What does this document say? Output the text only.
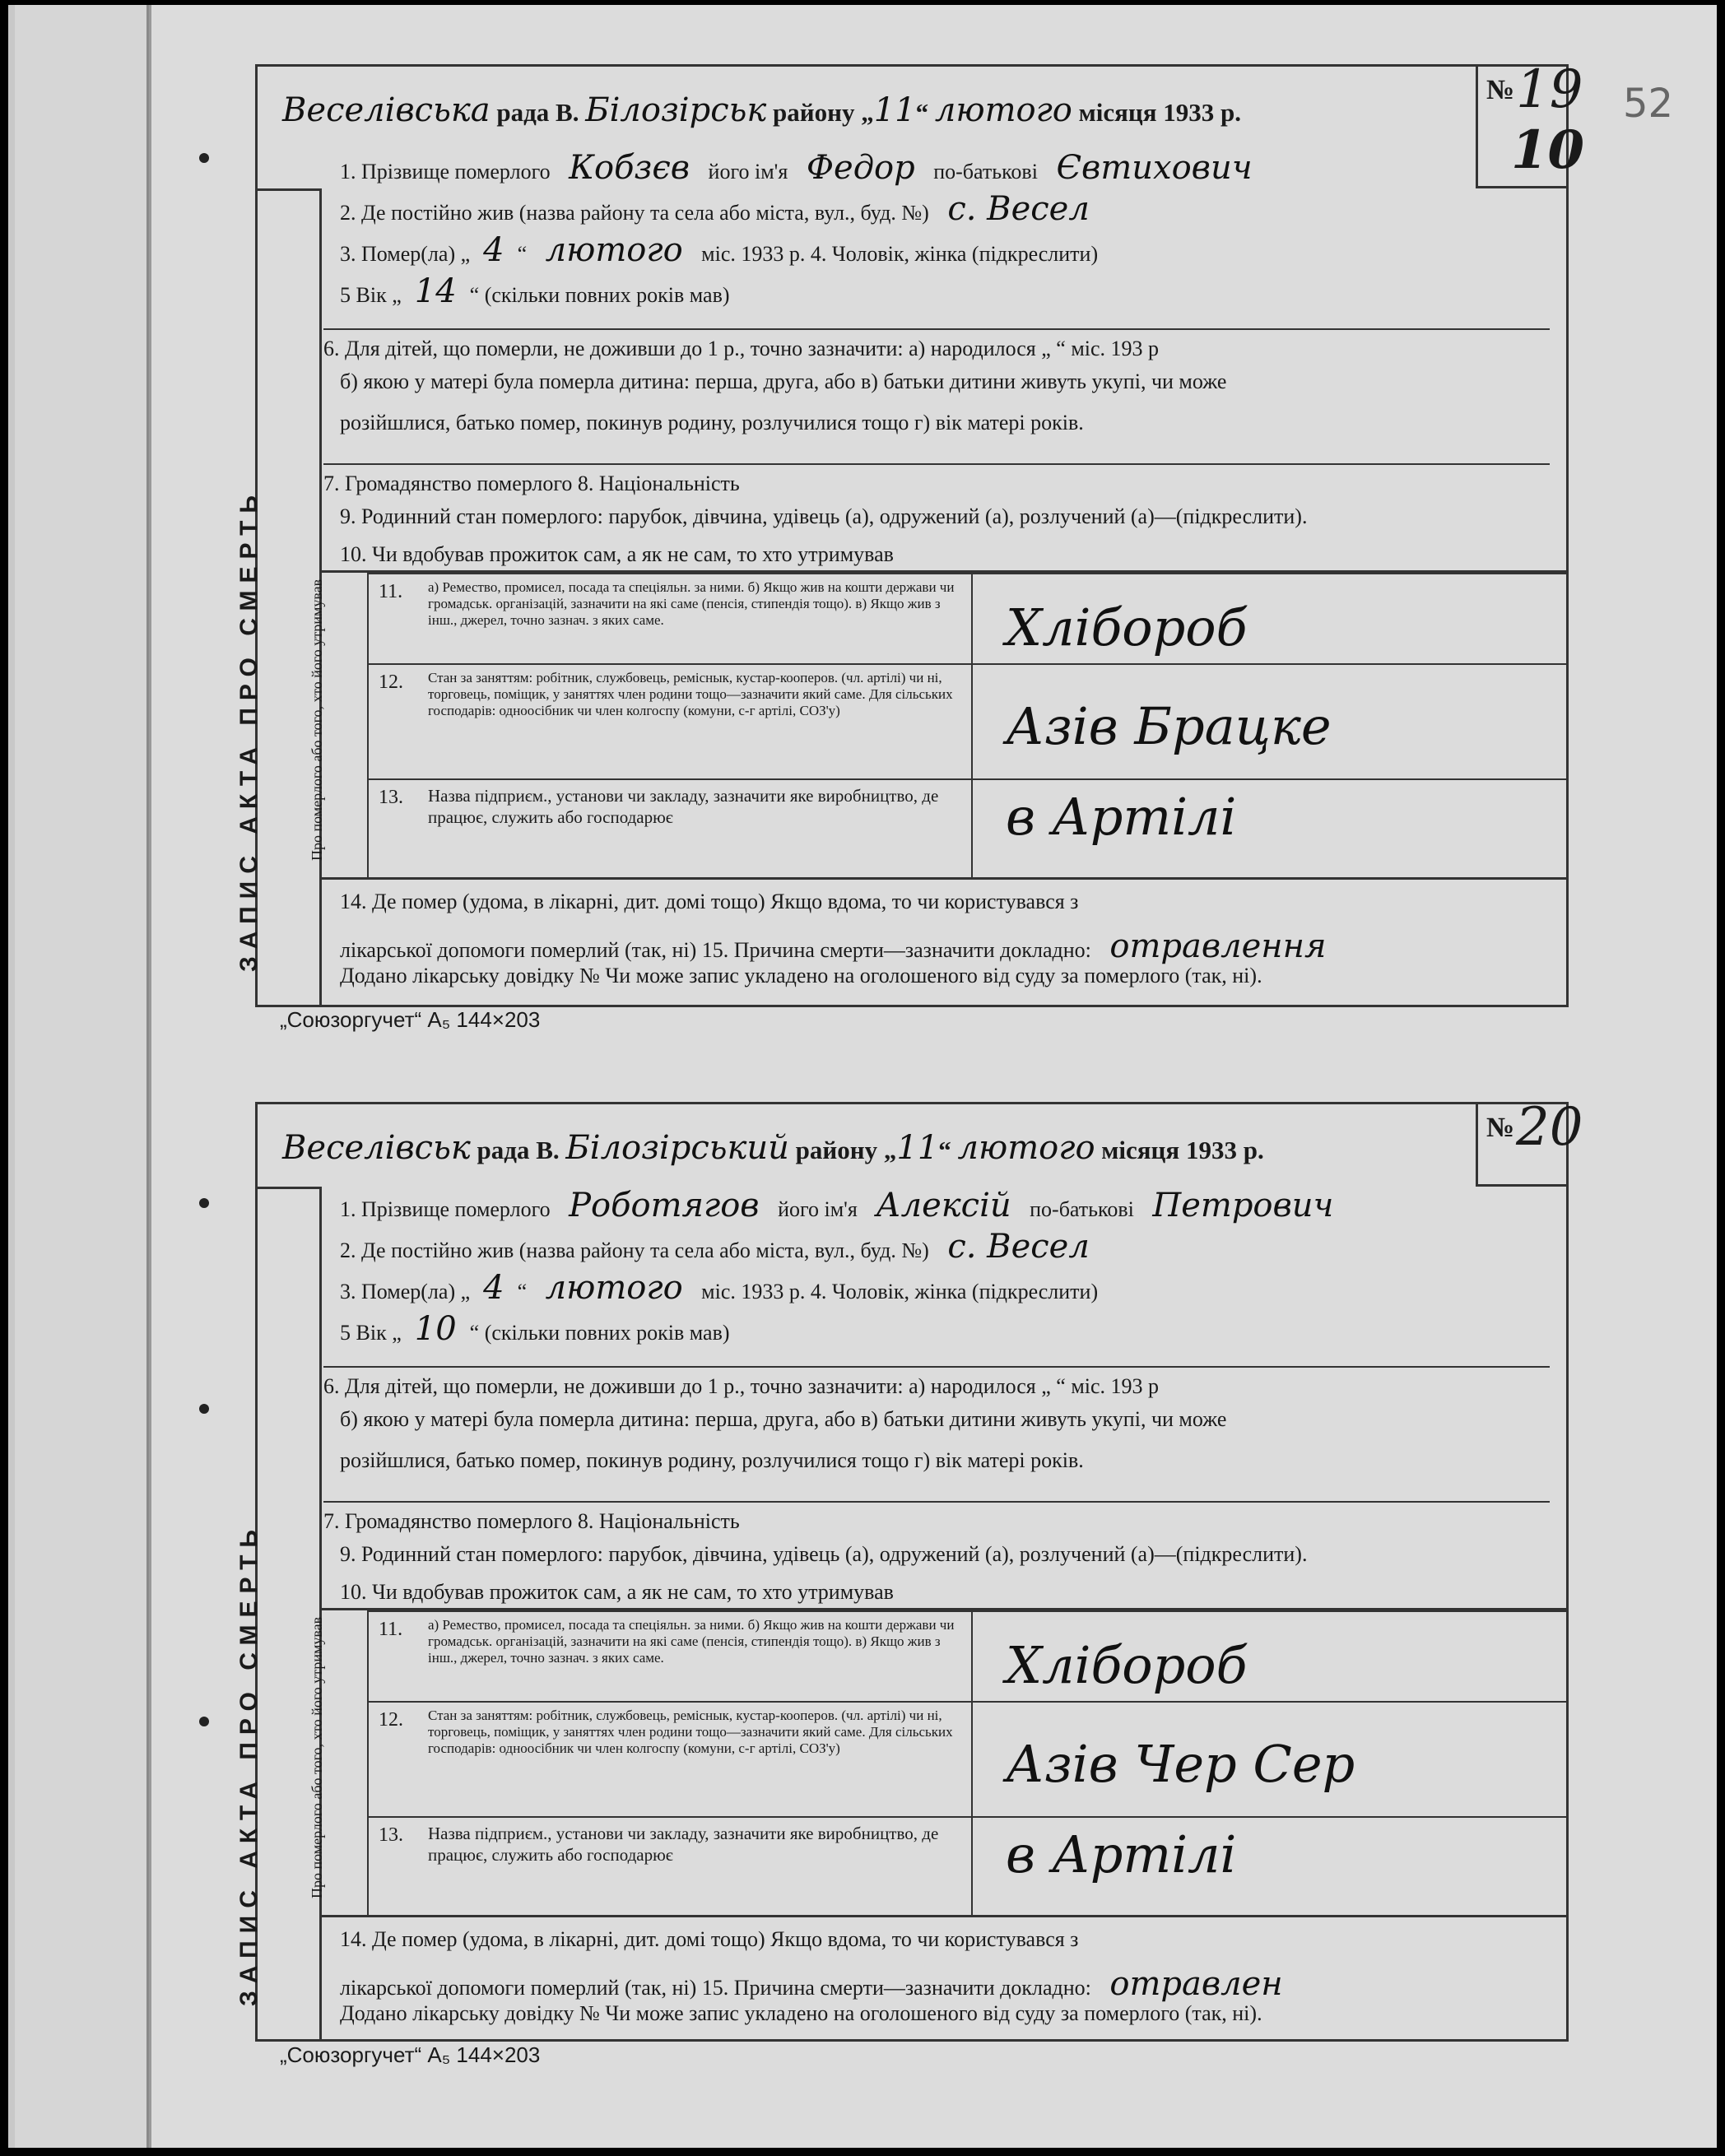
52
Веселівська рада В. Білозірськ району „11“ лютого місяця 1933 р.
№ 19
10
ЗАПИС АКТА ПРО СМЕРТЬ
1. Прізвище померлого Кобзєв його ім'я Федор по-батькові Євтихович
2. Де постійно жив (назва району та села або міста, вул., буд. №) с. Весел
3. Помер(ла) „ 4 “ лютого міс. 1933 р. 4. Чоловік, жінка (підкреслити)
5 Вік „ 14 “ (скільки повних років мав)
6. Для дітей, що померли, не доживши до 1 р., точно зазначити: а) народилося „ “ міс. 193 р
б) якою у матері була померла дитина: перша, друга, або в) батьки дитини живуть укупі, чи може
розійшлися, батько помер, покинув родину, розлучилися тощо г) вік матері років.
7. Громадянство померлого 8. Національність
9. Родинний стан померлого: парубок, дівчина, удівець (а), одружений (а), розлучений (а)—(підкреслити).
10. Чи вдобував прожиток сам, а як не сам, то хто утримував
Про померлого або того, хто його утримував	11. а) Ремество, промисел, посада та спеціяльн. за ними. б) Якщо жив на кошти держави чи громадськ. організацій, зазначити на які саме (пенсія, стипендія тощо). в) Якщо жив з інш., джерел, точно зазнач. з яких саме.
12. Стан за заняттям: робітник, службовець, реміснык, кустар-кооперов. (чл. артілі) чи ні, торговець, поміщик, у заняттях член родини тощо—зазначити який саме. Для сільських господарів: одноосібник чи член колгоспу (комуни, с-г артілі, СОЗ'у)
13. Назва підприєм., установи чи закладу, зазначити яке виробництво, де працює, служить або господарює
Хлібороб
Азів Брацке
в Артілі
14. Де помер (удома, в лікарні, дит. домі тощо) Якщо вдома, то чи користувався з
лікарської допомоги померлий (так, ні) 15. Причина смерти—зазначити докладно: отравлення
Додано лікарську довідку № Чи може запис укладено на оголошеного від суду за померлого (так, ні).
„Союзоргучет“ А₅ 144×203
Веселівськ рада В. Білозірський району „11“ лютого місяця 1933 р.
№ 20
ЗАПИС АКТА ПРО СМЕРТЬ
1. Прізвище померлого Роботягов його ім'я Алексій по-батькові Петрович
2. Де постійно жив (назва району та села або міста, вул., буд. №) с. Весел
3. Помер(ла) „ 4 “ лютого міс. 1933 р. 4. Чоловік, жінка (підкреслити)
5 Вік „ 10 “ (скільки повних років мав)
6. Для дітей, що померли, не доживши до 1 р., точно зазначити: а) народилося „ “ міс. 193 р
б) якою у матері була померла дитина: перша, друга, або в) батьки дитини живуть укупі, чи може
розійшлися, батько помер, покинув родину, розлучилися тощо г) вік матері років.
7. Громадянство померлого 8. Національність
9. Родинний стан померлого: парубок, дівчина, удівець (а), одружений (а), розлучений (а)—(підкреслити).
10. Чи вдобував прожиток сам, а як не сам, то хто утримував
Про померлого або того, хто його утримував	11. а) Ремество, промисел, посада та спеціяльн. за ними. б) Якщо жив на кошти держави чи громадськ. організацій, зазначити на які саме (пенсія, стипендія тощо). в) Якщо жив з інш., джерел, точно зазнач. з яких саме.
12. Стан за заняттям: робітник, службовець, реміснык, кустар-кооперов. (чл. артілі) чи ні, торговець, поміщик, у заняттях член родини тощо—зазначити який саме. Для сільських господарів: одноосібник чи член колгоспу (комуни, с-г артілі, СОЗ'у)
13. Назва підприєм., установи чи закладу, зазначити яке виробництво, де працює, служить або господарює
Хлібороб
Азів Чер Сер
в Артілі
14. Де помер (удома, в лікарні, дит. домі тощо) Якщо вдома, то чи користувався з
лікарської допомоги померлий (так, ні) 15. Причина смерти—зазначити докладно: отравлен
Додано лікарську довідку № Чи може запис укладено на оголошеного від суду за померлого (так, ні).
„Союзоргучет“ А₅ 144×203
